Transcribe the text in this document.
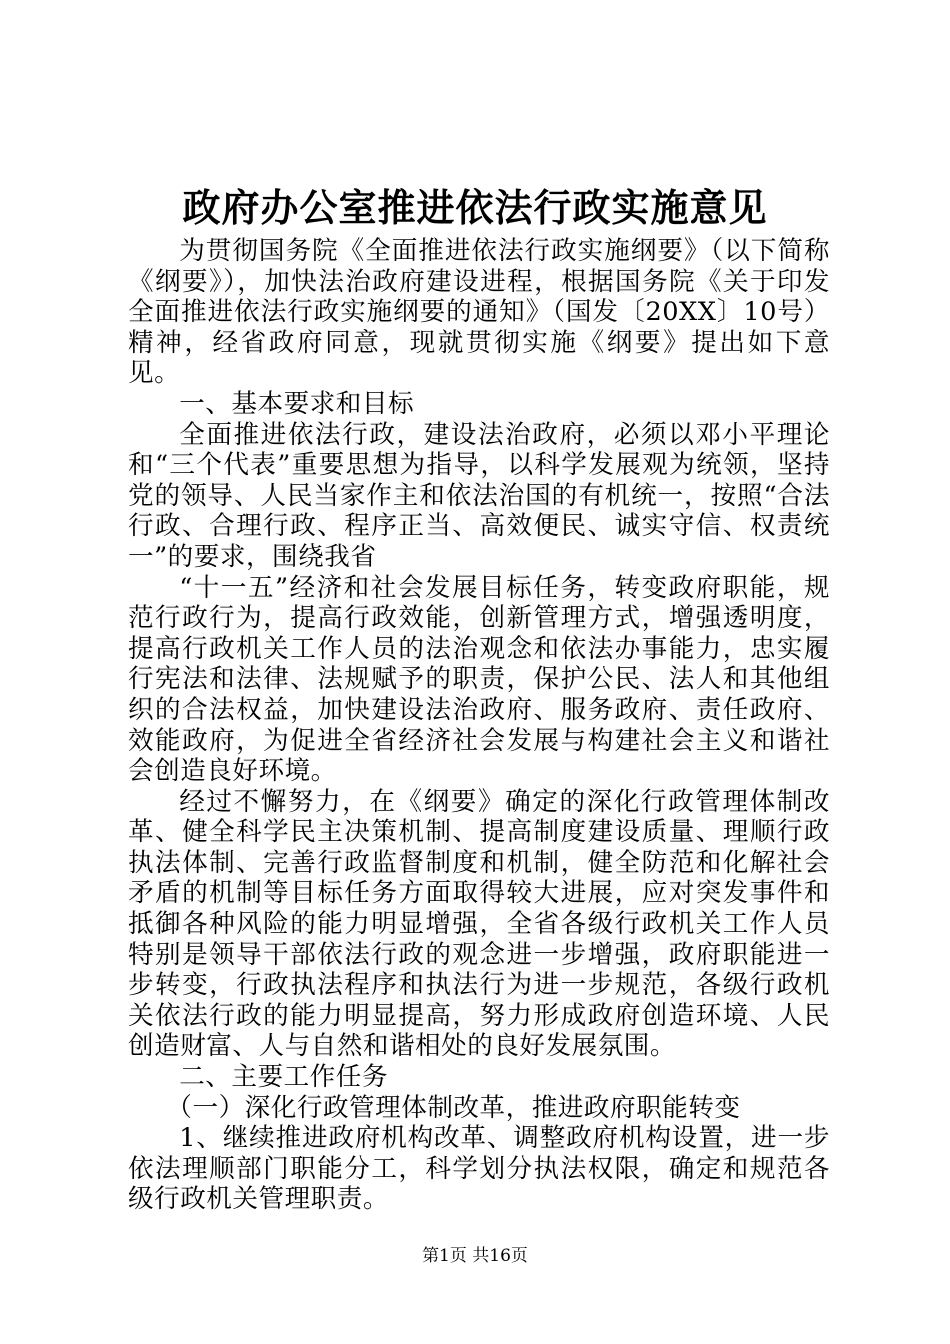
政府办公室推进依法行政实施意见

为贯彻国务院《全面推进依法行政实施纲要》（以下简称《纲要》），加快法治政府建设进程，根据国务院《关于印发全面推进依法行政实施纲要的通知》（国发〔20XX〕10号）精神，经省政府同意，现就贯彻实施《纲要》提出如下意见。

一、基本要求和目标

全面推进依法行政，建设法治政府，必须以邓小平理论和“三个代表”重要思想为指导，以科学发展观为统领，坚持党的领导、人民当家作主和依法治国的有机统一，按照“合法行政、合理行政、程序正当、高效便民、诚实守信、权责统一”的要求，围绕我省

“十一五”经济和社会发展目标任务，转变政府职能，规范行政行为，提高行政效能，创新管理方式，增强透明度，提高行政机关工作人员的法治观念和依法办事能力，忠实履行宪法和法律、法规赋予的职责，保护公民、法人和其他组织的合法权益，加快建设法治政府、服务政府、责任政府、效能政府，为促进全省经济社会发展与构建社会主义和谐社会创造良好环境。

经过不懈努力，在《纲要》确定的深化行政管理体制改革、健全科学民主决策机制、提高制度建设质量、理顺行政执法体制、完善行政监督制度和机制，健全防范和化解社会矛盾的机制等目标任务方面取得较大进展，应对突发事件和抵御各种风险的能力明显增强，全省各级行政机关工作人员特别是领导干部依法行政的观念进一步增强，政府职能进一步转变，行政执法程序和执法行为进一步规范，各级行政机关依法行政的能力明显提高，努力形成政府创造环境、人民创造财富、人与自然和谐相处的良好发展氛围。

二、主要工作任务

（一）深化行政管理体制改革，推进政府职能转变

1、继续推进政府机构改革、调整政府机构设置，进一步依法理顺部门职能分工，科学划分执法权限，确定和规范各级行政机关管理职责。

第1页 共16页
